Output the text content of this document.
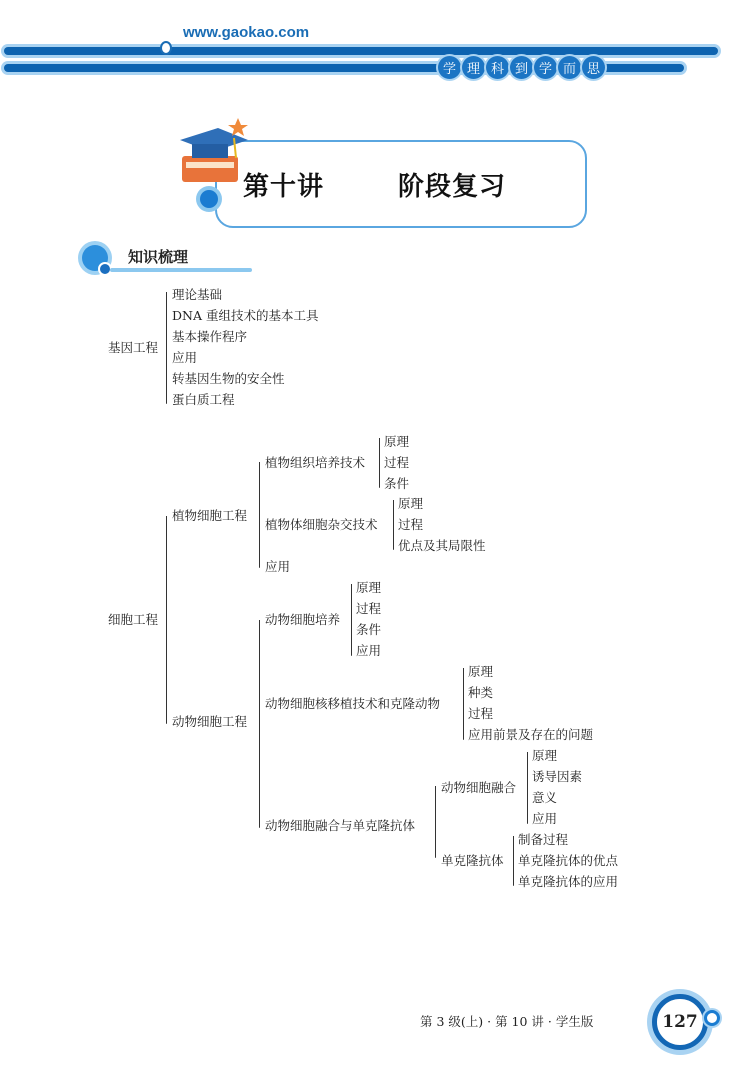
www.gaokao.com
学 理 科 到 学 而 思
第十讲	阶段复习
知识梳理
基因工程
理论基础
DNA 重组技术的基本工具
基本操作程序
应用
转基因生物的安全性
蛋白质工程
细胞工程
植物细胞工程
植物组织培养技术
原理
过程
条件
植物体细胞杂交技术
原理
过程
优点及其局限性
应用
动物细胞工程
动物细胞培养
原理
过程
条件
应用
动物细胞核移植技术和克隆动物
原理
种类
过程
应用前景及存在的问题
动物细胞融合与单克隆抗体
动物细胞融合
原理
诱导因素
意义
应用
单克隆抗体
制备过程
单克隆抗体的优点
单克隆抗体的应用
第 3 级(上) · 第 10 讲 · 学生版	127
